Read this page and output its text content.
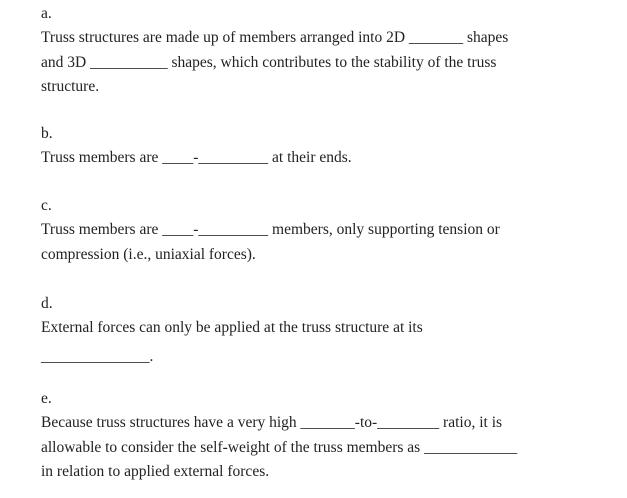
a.
Truss structures are made up of members arranged into 2D _______ shapes
and 3D __________ shapes, which contributes to the stability of the truss
structure.
b.
Truss members are ____-_________ at their ends.
c.
Truss members are ____-_________ members, only supporting tension or
compression (i.e., uniaxial forces).
d.
External forces can only be applied at the truss structure at its
______________.
e.
Because truss structures have a very high _______-to-________ ratio, it is
allowable to consider the self-weight of the truss members as ____________
in relation to applied external forces.
